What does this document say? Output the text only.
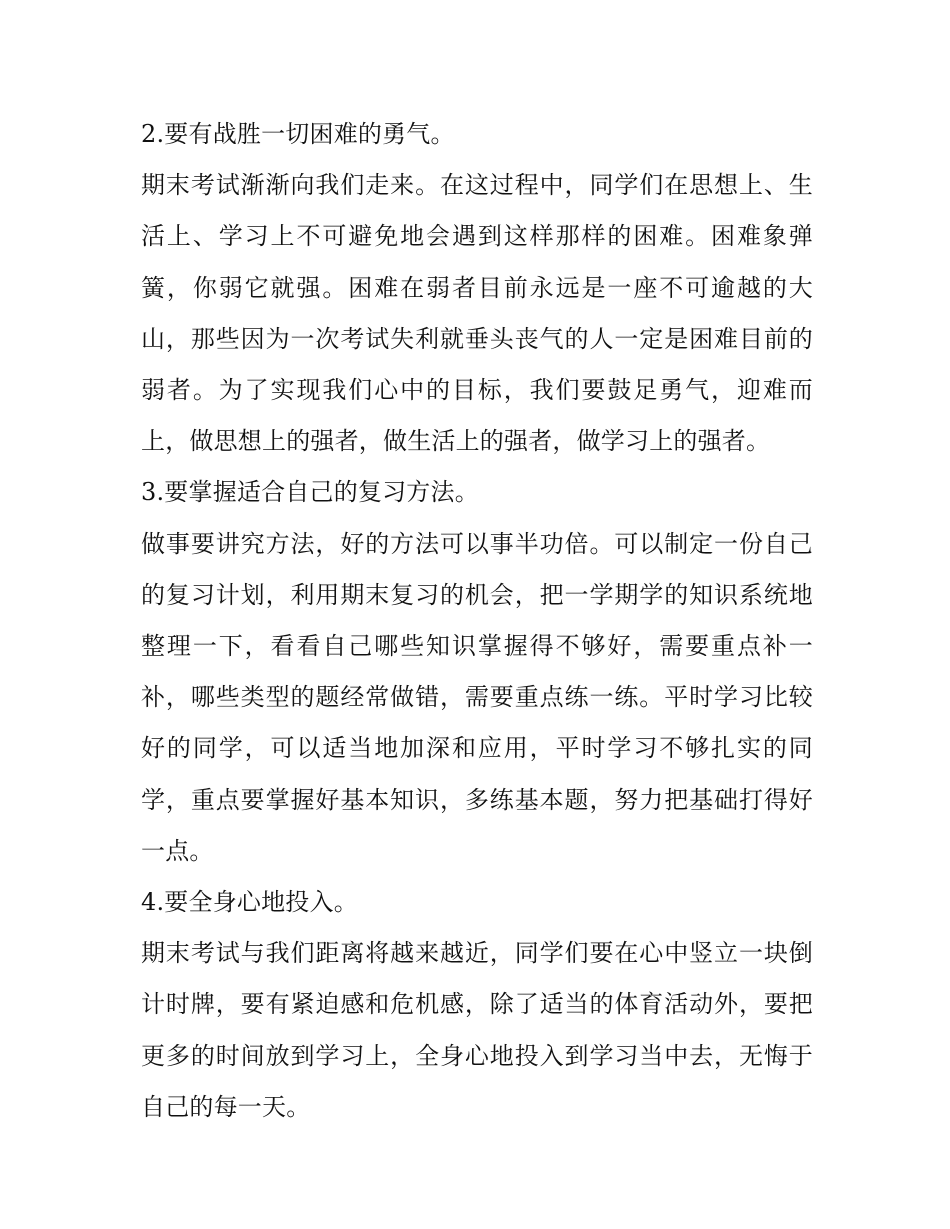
2.要有战胜一切困难的勇气。

期末考试渐渐向我们走来。在这过程中，同学们在思想上、生活上、学习上不可避免地会遇到这样那样的困难。困难象弹簧，你弱它就强。困难在弱者目前永远是一座不可逾越的大山，那些因为一次考试失利就垂头丧气的人一定是困难目前的弱者。为了实现我们心中的目标，我们要鼓足勇气，迎难而上，做思想上的强者，做生活上的强者，做学习上的强者。

3.要掌握适合自己的复习方法。

做事要讲究方法，好的方法可以事半功倍。可以制定一份自己的复习计划，利用期末复习的机会，把一学期学的知识系统地整理一下，看看自己哪些知识掌握得不够好，需要重点补一补，哪些类型的题经常做错，需要重点练一练。平时学习比较好的同学，可以适当地加深和应用，平时学习不够扎实的同学，重点要掌握好基本知识，多练基本题，努力把基础打得好一点。

4.要全身心地投入。

期末考试与我们距离将越来越近，同学们要在心中竖立一块倒计时牌，要有紧迫感和危机感，除了适当的体育活动外，要把更多的时间放到学习上，全身心地投入到学习当中去，无悔于自己的每一天。
